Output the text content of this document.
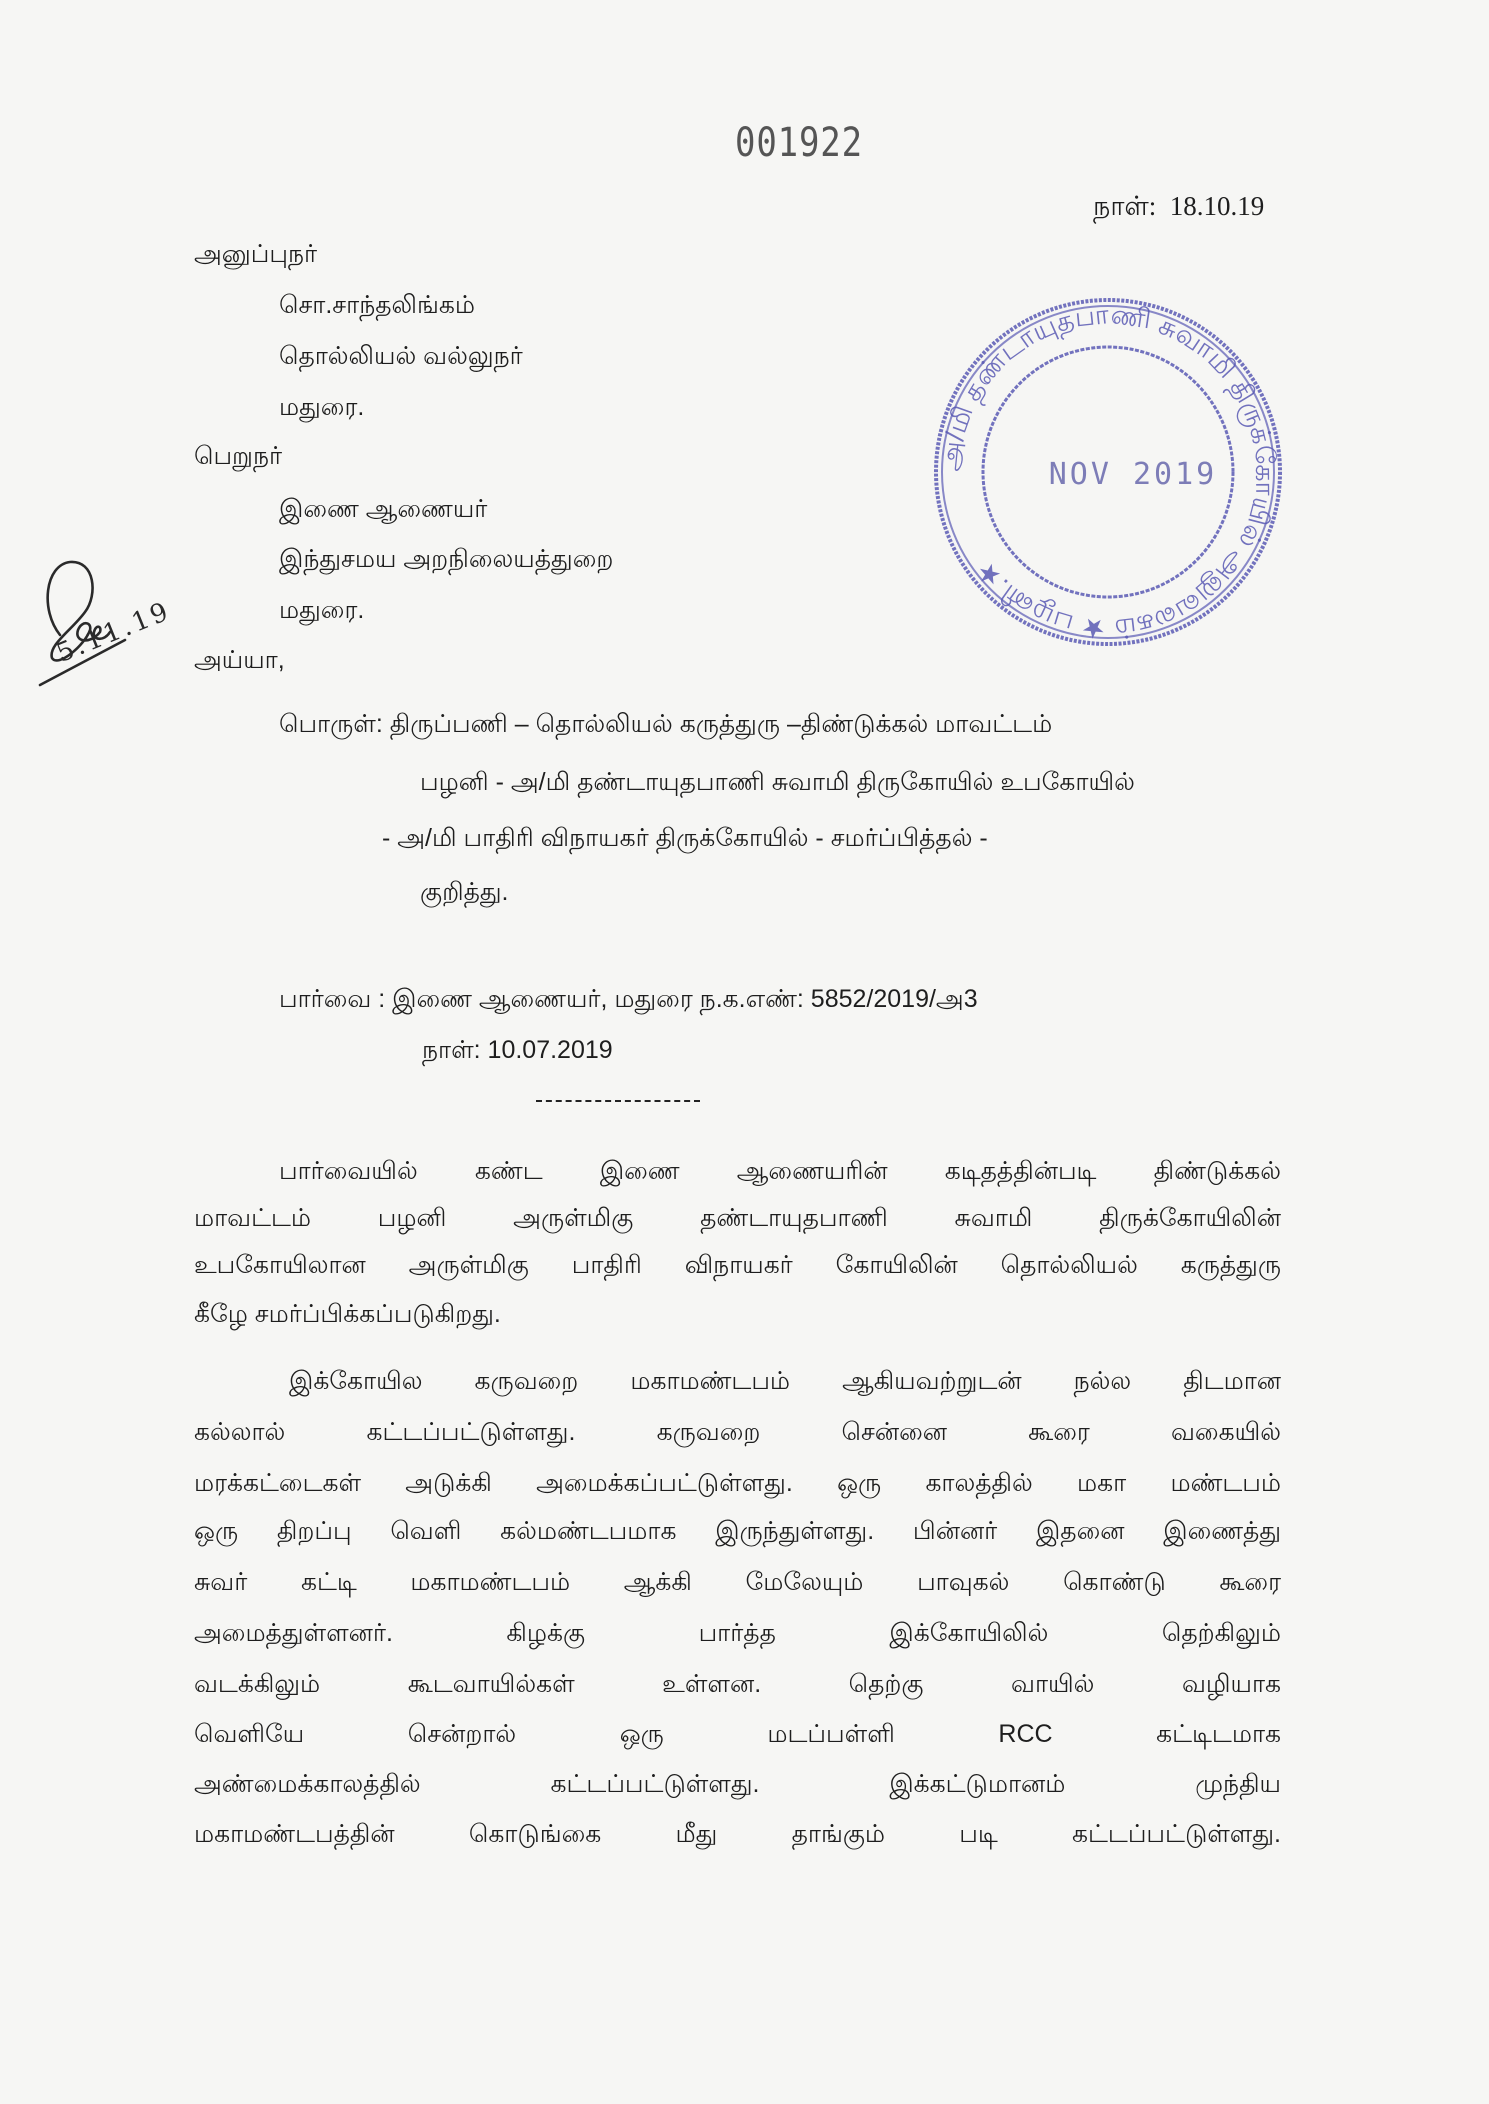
001922
நாள்: 18.10.19
அனுப்புநர்
சொ.சாந்தலிங்கம்
தொல்லியல் வல்லுநர்
மதுரை.
பெறுநர்
இணை ஆணையர்
இந்துசமய அறநிலையத்துறை
மதுரை.
அய்யா,
பொருள்: திருப்பணி – தொல்லியல் கருத்துரு –திண்டுக்கல் மாவட்டம்
பழனி - அ/மி தண்டாயுதபாணி சுவாமி திருகோயில் உபகோயில்
- அ/மி பாதிரி விநாயகர் திருக்கோயில் - சமர்ப்பித்தல் -
குறித்து.
பார்வை : இணை ஆணையர், மதுரை ந.க.எண்: 5852/2019/அ3
நாள்: 10.07.2019
பார்வையில் கண்ட இணை ஆணையரின் கடிதத்தின்படி திண்டுக்கல்
மாவட்டம் பழனி அருள்மிகு தண்டாயுதபாணி சுவாமி திருக்கோயிலின்
உபகோயிலான அருள்மிகு பாதிரி விநாயகர் கோயிலின் தொல்லியல் கருத்துரு
கீழே சமர்ப்பிக்கப்படுகிறது.
இக்கோயில கருவறை மகாமண்டபம் ஆகியவற்றுடன் நல்ல திடமான
கல்லால் கட்டப்பட்டுள்ளது. கருவறை சென்னை கூரை வகையில்
மரக்கட்டைகள் அடுக்கி அமைக்கப்பட்டுள்ளது. ஒரு காலத்தில் மகா மண்டபம்
ஒரு திறப்பு வெளி கல்மண்டபமாக இருந்துள்ளது. பின்னர் இதனை இணைத்து
சுவர் கட்டி மகாமண்டபம் ஆக்கி மேலேயும் பாவுகல் கொண்டு கூரை
அமைத்துள்ளனர். கிழக்கு பார்த்த இக்கோயிலில் தெற்கிலும்
வடக்கிலும் கூடவாயில்கள் உள்ளன. தெற்கு வாயில் வழியாக
வெளியே சென்றால் ஒரு மடப்பள்ளி RCC கட்டிடமாக
அண்மைக்காலத்தில் கட்டப்பட்டுள்ளது. இக்கட்டுமானம் முந்திய
மகாமண்டபத்தின் கொடுங்கை மீது தாங்கும் படி கட்டப்பட்டுள்ளது.
அ/மி தண்டாயுதபாணி சுவாமி திருக்கோயில் அலுவலகம் ★ பழனி.★
NOV 2019
5.11.19
